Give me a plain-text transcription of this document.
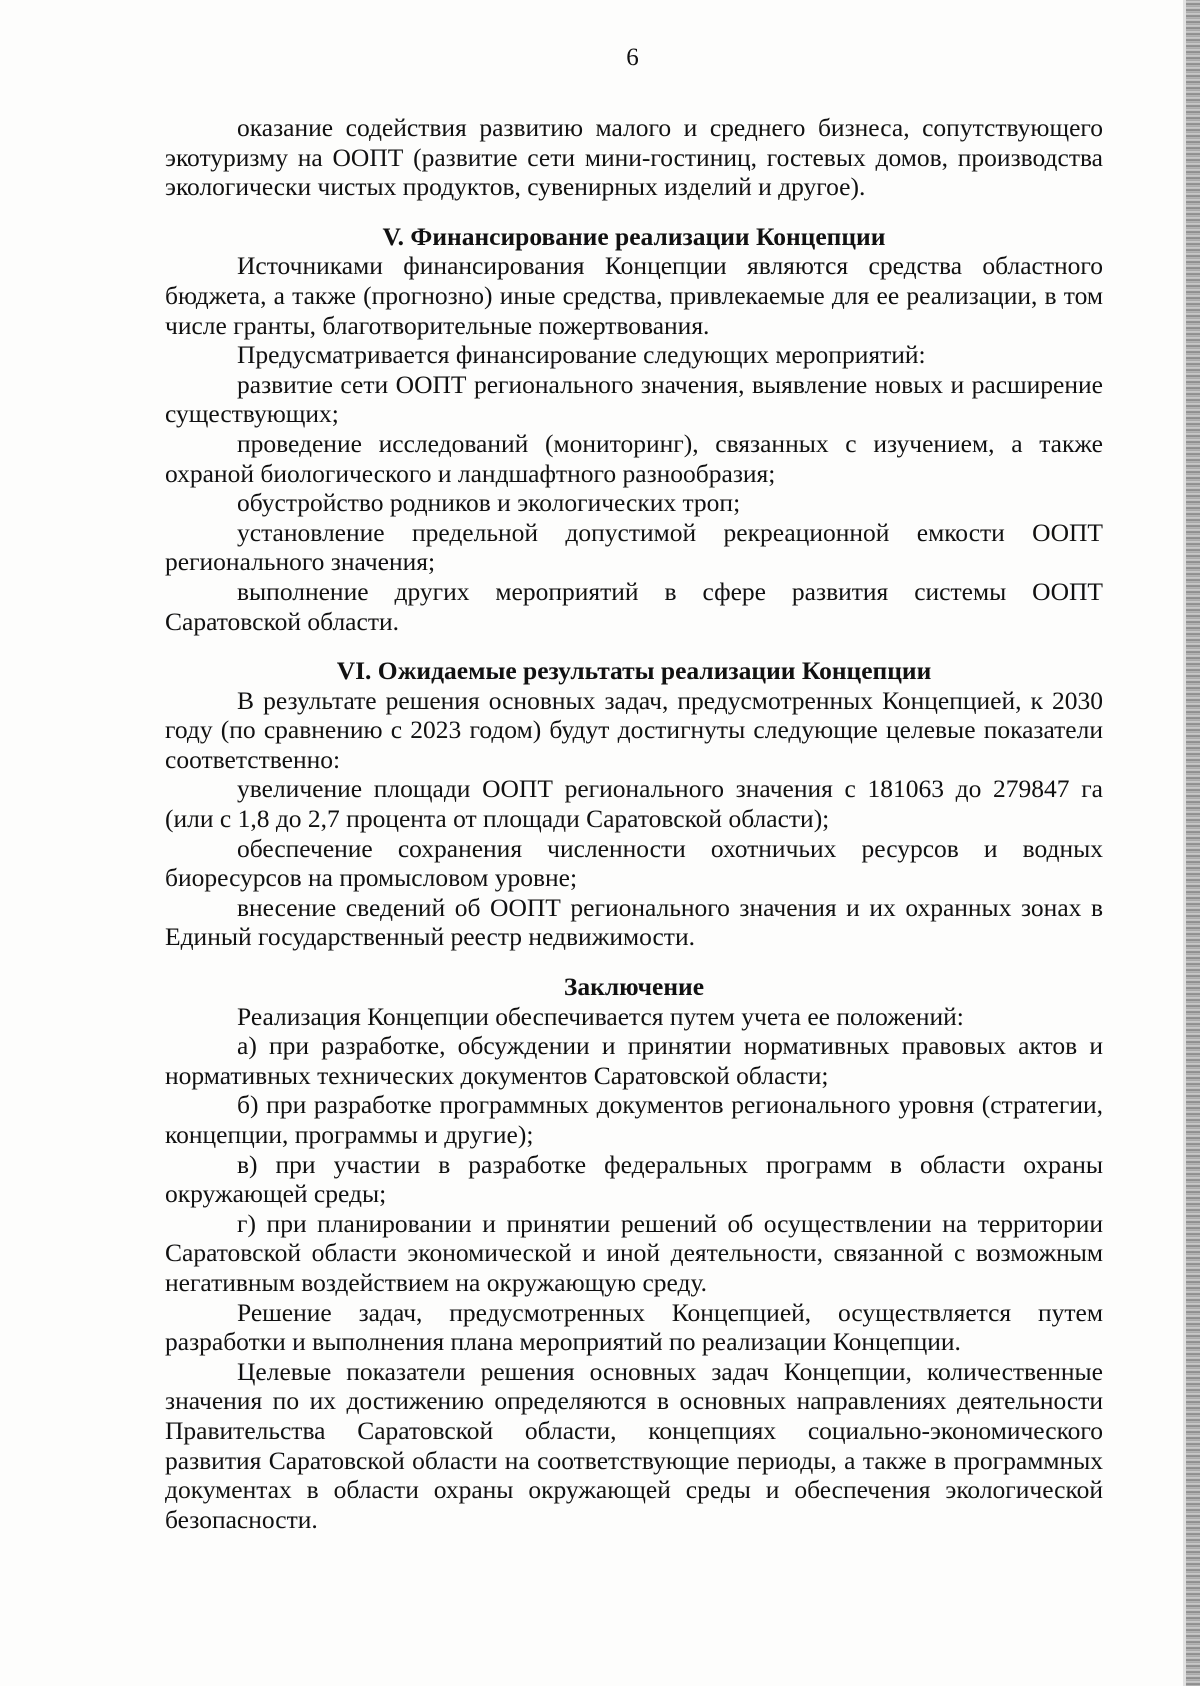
6

оказание содействия развитию малого и среднего бизнеса, сопутствующего экотуризму на ООПТ (развитие сети мини-гостиниц, гостевых домов, производства экологически чистых продуктов, сувенирных изделий и другое).

V. Финансирование реализации Концепции

Источниками финансирования Концепции являются средства областного бюджета, а также (прогнозно) иные средства, привлекаемые для ее реализации, в том числе гранты, благотворительные пожертвования.

Предусматривается финансирование следующих мероприятий:

развитие сети ООПТ регионального значения, выявление новых и расширение существующих;

проведение исследований (мониторинг), связанных с изучением, а также охраной биологического и ландшафтного разнообразия;

обустройство родников и экологических троп;

установление предельной допустимой рекреационной емкости ООПТ регионального значения;

выполнение других мероприятий в сфере развития системы ООПТ Саратовской области.

VI. Ожидаемые результаты реализации Концепции

В результате решения основных задач, предусмотренных Концепцией, к 2030 году (по сравнению с 2023 годом) будут достигнуты следующие целевые показатели соответственно:

увеличение площади ООПТ регионального значения с 181063 до 279847 га (или с 1,8 до 2,7 процента от площади Саратовской области);

обеспечение сохранения численности охотничьих ресурсов и водных биоресурсов на промысловом уровне;

внесение сведений об ООПТ регионального значения и их охранных зонах в Единый государственный реестр недвижимости.

Заключение

Реализация Концепции обеспечивается путем учета ее положений:

а) при разработке, обсуждении и принятии нормативных правовых актов и нормативных технических документов Саратовской области;

б) при разработке программных документов регионального уровня (стратегии, концепции, программы и другие);

в) при участии в разработке федеральных программ в области охраны окружающей среды;

г) при планировании и принятии решений об осуществлении на территории Саратовской области экономической и иной деятельности, связанной с возможным негативным воздействием на окружающую среду.

Решение задач, предусмотренных Концепцией, осуществляется путем разработки и выполнения плана мероприятий по реализации Концепции.

Целевые показатели решения основных задач Концепции, количественные значения по их достижению определяются в основных направлениях деятельности Правительства Саратовской области, концепциях социально-экономического развития Саратовской области на соответствующие периоды, а также в программных документах в области охраны окружающей среды и обеспечения экологической безопасности.
